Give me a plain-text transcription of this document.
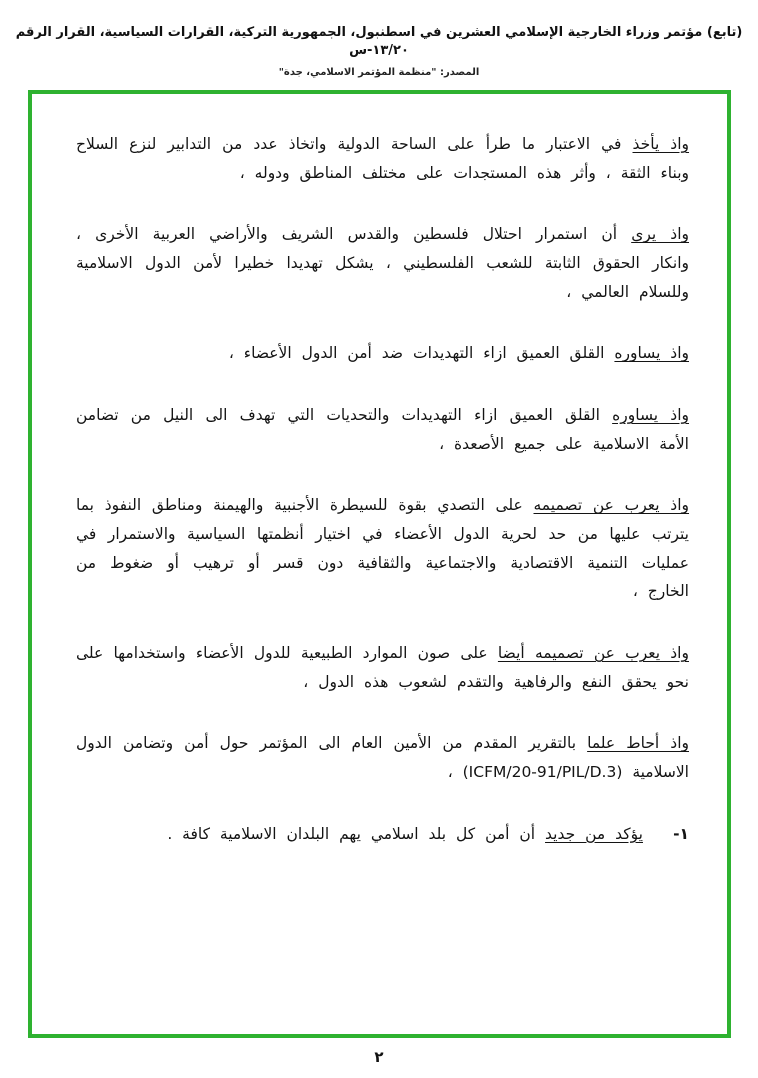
(تابع) مؤتمر وزراء الخارجية الإسلامي العشرين في اسطنبول، الجمهورية التركية، القرارات السياسية، القرار الرقم ١٣/٢٠-س
المصدر: "منظمة المؤتمر الاسلامي، جدة"

واذ يأخذ في الاعتبار ما طرأ على الساحة الدولية واتخاذ عدد من التدابير لنزع السلاح وبناء الثقة ، وأثر هذه المستجدات على مختلف المناطق ودوله ،

واذ يرى أن استمرار احتلال فلسطين والقدس الشريف والأراضي العربية الأخرى ، وانكار الحقوق الثابتة للشعب الفلسطيني ، يشكل تهديدا خطيرا لأمن الدول الاسلامية وللسلام العالمي ،

واذ يساوره القلق العميق ازاء التهديدات ضد أمن الدول الأعضاء ،

واذ يساوره القلق العميق ازاء التهديدات والتحديات التي تهدف الى النيل من تضامن الأمة الاسلامية على جميع الأصعدة ،

واذ يعرب عن تصميمه على التصدي بقوة للسيطرة الأجنبية والهيمنة ومناطق النفوذ بما يترتب عليها من حد لحرية الدول الأعضاء في اختيار أنظمتها السياسية والاستمرار في عمليات التنمية الاقتصادية والاجتماعية والثقافية دون قسر أو ترهيب أو ضغوط من الخارج ،

واذ يعرب عن تصميمه أيضا على صون الموارد الطبيعية للدول الأعضاء واستخدامها على نحو يحقق النفع والرفاهية والتقدم لشعوب هذه الدول ،

واذ أحاط علما بالتقرير المقدم من الأمين العام الى المؤتمر حول أمن وتضامن الدول الاسلامية (ICFM/20-91/PIL/D.3) ،

١-
يؤكد من جديد أن أمن كل بلد اسلامي يهم البلدان الاسلامية كافة .

٢
